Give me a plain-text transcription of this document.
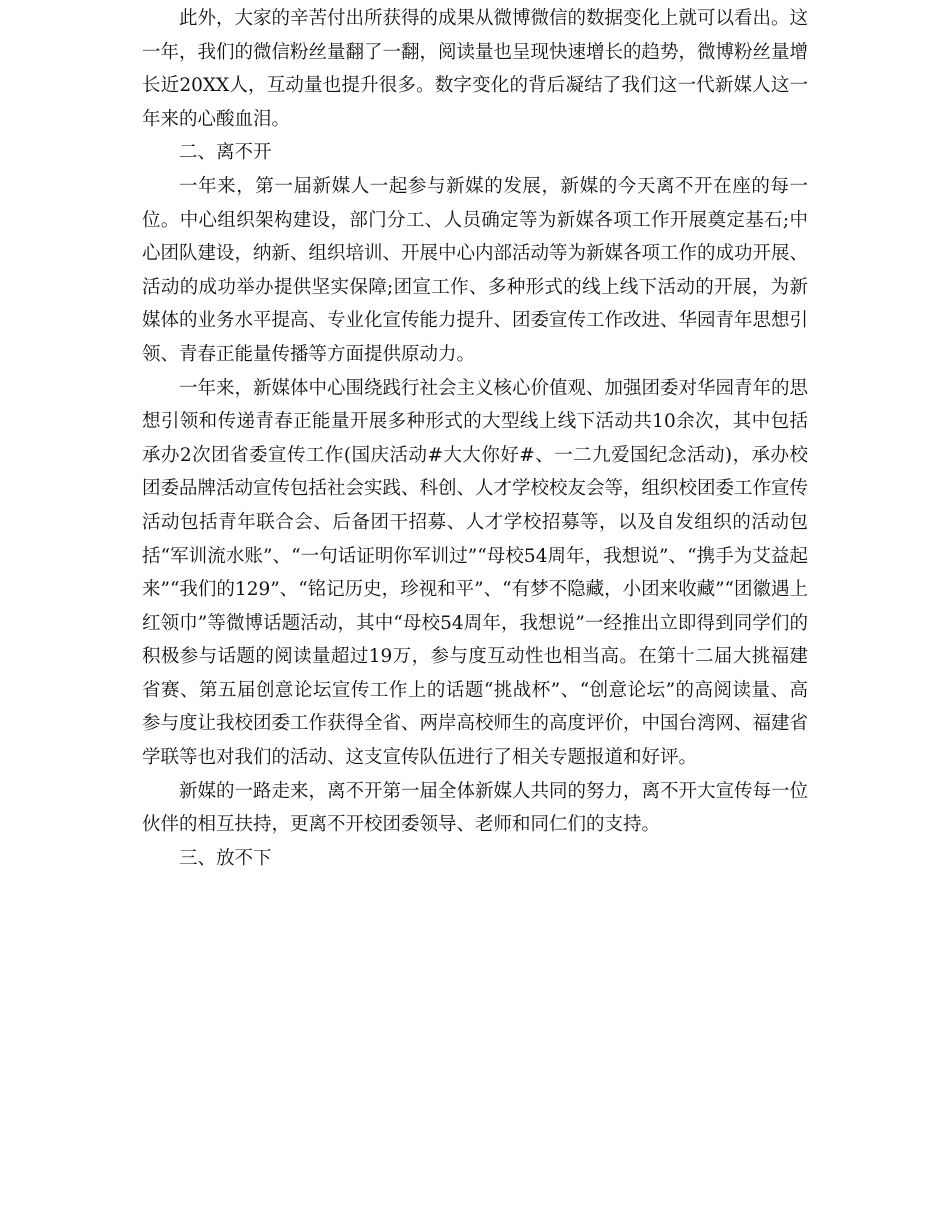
此外，大家的辛苦付出所获得的成果从微博微信的数据变化上就可以看出。这一年，我们的微信粉丝量翻了一翻，阅读量也呈现快速增长的趋势，微博粉丝量增长近20XX人，互动量也提升很多。数字变化的背后凝结了我们这一代新媒人这一年来的心酸血泪。

二、离不开

一年来，第一届新媒人一起参与新媒的发展，新媒的今天离不开在座的每一位。中心组织架构建设，部门分工、人员确定等为新媒各项工作开展奠定基石;中心团队建设，纳新、组织培训、开展中心内部活动等为新媒各项工作的成功开展、活动的成功举办提供坚实保障;团宣工作、多种形式的线上线下活动的开展，为新媒体的业务水平提高、专业化宣传能力提升、团委宣传工作改进、华园青年思想引领、青春正能量传播等方面提供原动力。

一年来，新媒体中心围绕践行社会主义核心价值观、加强团委对华园青年的思想引领和传递青春正能量开展多种形式的大型线上线下活动共10余次，其中包括承办2次团省委宣传工作(国庆活动#大大你好#、一二九爱国纪念活动)，承办校团委品牌活动宣传包括社会实践、科创、人才学校校友会等，组织校团委工作宣传活动包括青年联合会、后备团干招募、人才学校招募等，以及自发组织的活动包括“军训流水账”、“一句话证明你军训过”“母校54周年，我想说”、“携手为艾益起来”“我们的129”、“铭记历史，珍视和平”、“有梦不隐藏，小团来收藏”“团徽遇上红领巾”等微博话题活动，其中“母校54周年，我想说”一经推出立即得到同学们的积极参与话题的阅读量超过19万，参与度互动性也相当高。在第十二届大挑福建省赛、第五届创意论坛宣传工作上的话题“挑战杯”、“创意论坛”的高阅读量、高参与度让我校团委工作获得全省、两岸高校师生的高度评价，中国台湾网、福建省学联等也对我们的活动、这支宣传队伍进行了相关专题报道和好评。

新媒的一路走来，离不开第一届全体新媒人共同的努力，离不开大宣传每一位伙伴的相互扶持，更离不开校团委领导、老师和同仁们的支持。

三、放不下
